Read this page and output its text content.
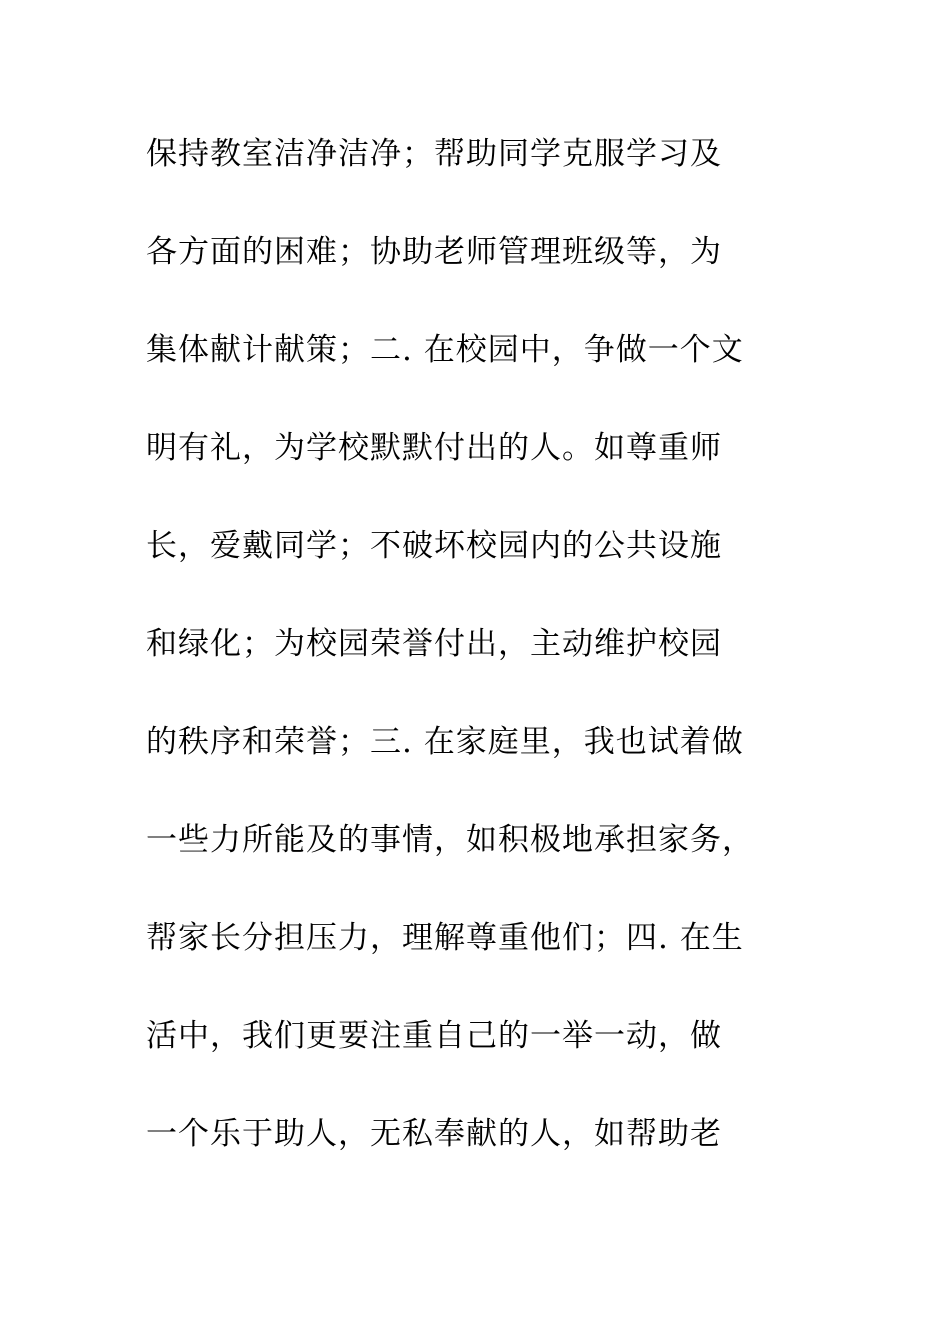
保持教室洁净洁净；帮助同学克服学习及
各方面的困难；协助老师管理班级等，为
集体献计献策；二. 在校园中，争做一个文
明有礼，为学校默默付出的人。如尊重师
长，爱戴同学；不破坏校园内的公共设施
和绿化；为校园荣誉付出，主动维护校园
的秩序和荣誉；三. 在家庭里，我也试着做
一些力所能及的事情，如积极地承担家务，
帮家长分担压力，理解尊重他们；四. 在生
活中，我们更要注重自己的一举一动，做
一个乐于助人，无私奉献的人，如帮助老
